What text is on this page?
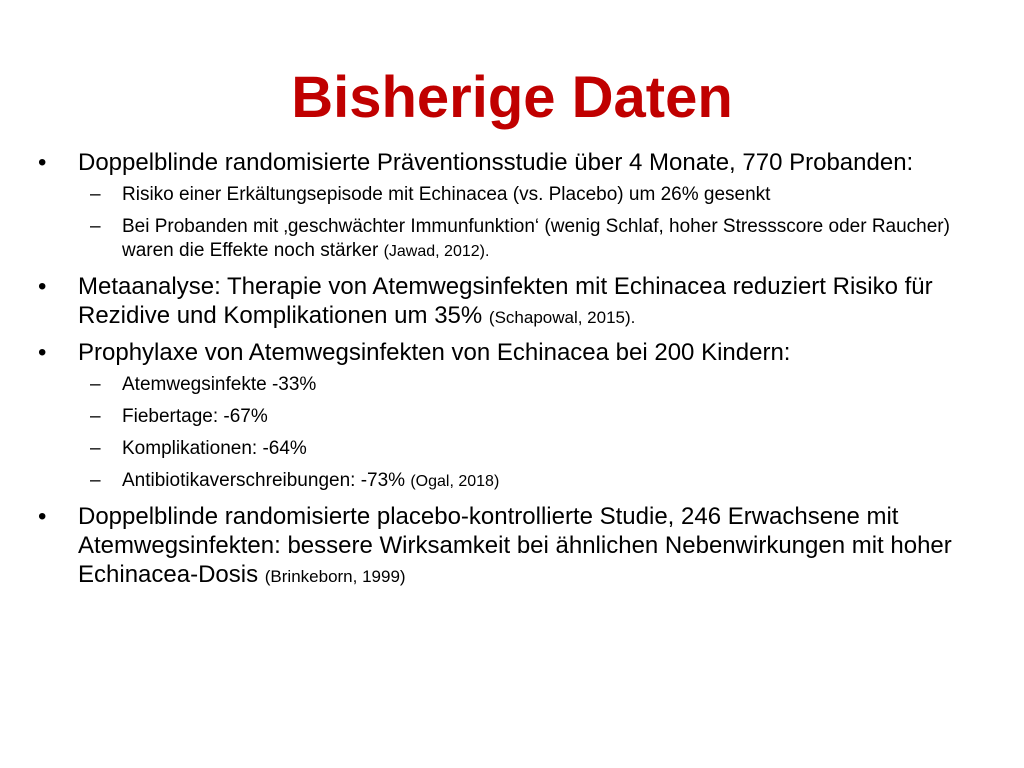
Bisherige Daten
• Doppelblinde randomisierte Präventionsstudie über 4 Monate, 770 Probanden:
– Risiko einer Erkältungsepisode mit Echinacea (vs. Placebo) um 26% gesenkt
– Bei Probanden mit ‚geschwächter Immunfunktion‘ (wenig Schlaf, hoher Stressscore oder Raucher) waren die Effekte noch stärker (Jawad, 2012).
• Metaanalyse: Therapie von Atemwegsinfekten mit Echinacea reduziert Risiko für Rezidive und Komplikationen um 35% (Schapowal, 2015).
• Prophylaxe von Atemwegsinfekten von Echinacea bei 200 Kindern:
– Atemwegsinfekte -33%
– Fiebertage: -67%
– Komplikationen: -64%
– Antibiotikaverschreibungen: -73% (Ogal, 2018)
• Doppelblinde randomisierte placebo-kontrollierte Studie, 246 Erwachsene mit Atemwegsinfekten: bessere Wirksamkeit bei ähnlichen Nebenwirkungen mit hoher Echinacea-Dosis (Brinkeborn, 1999)
